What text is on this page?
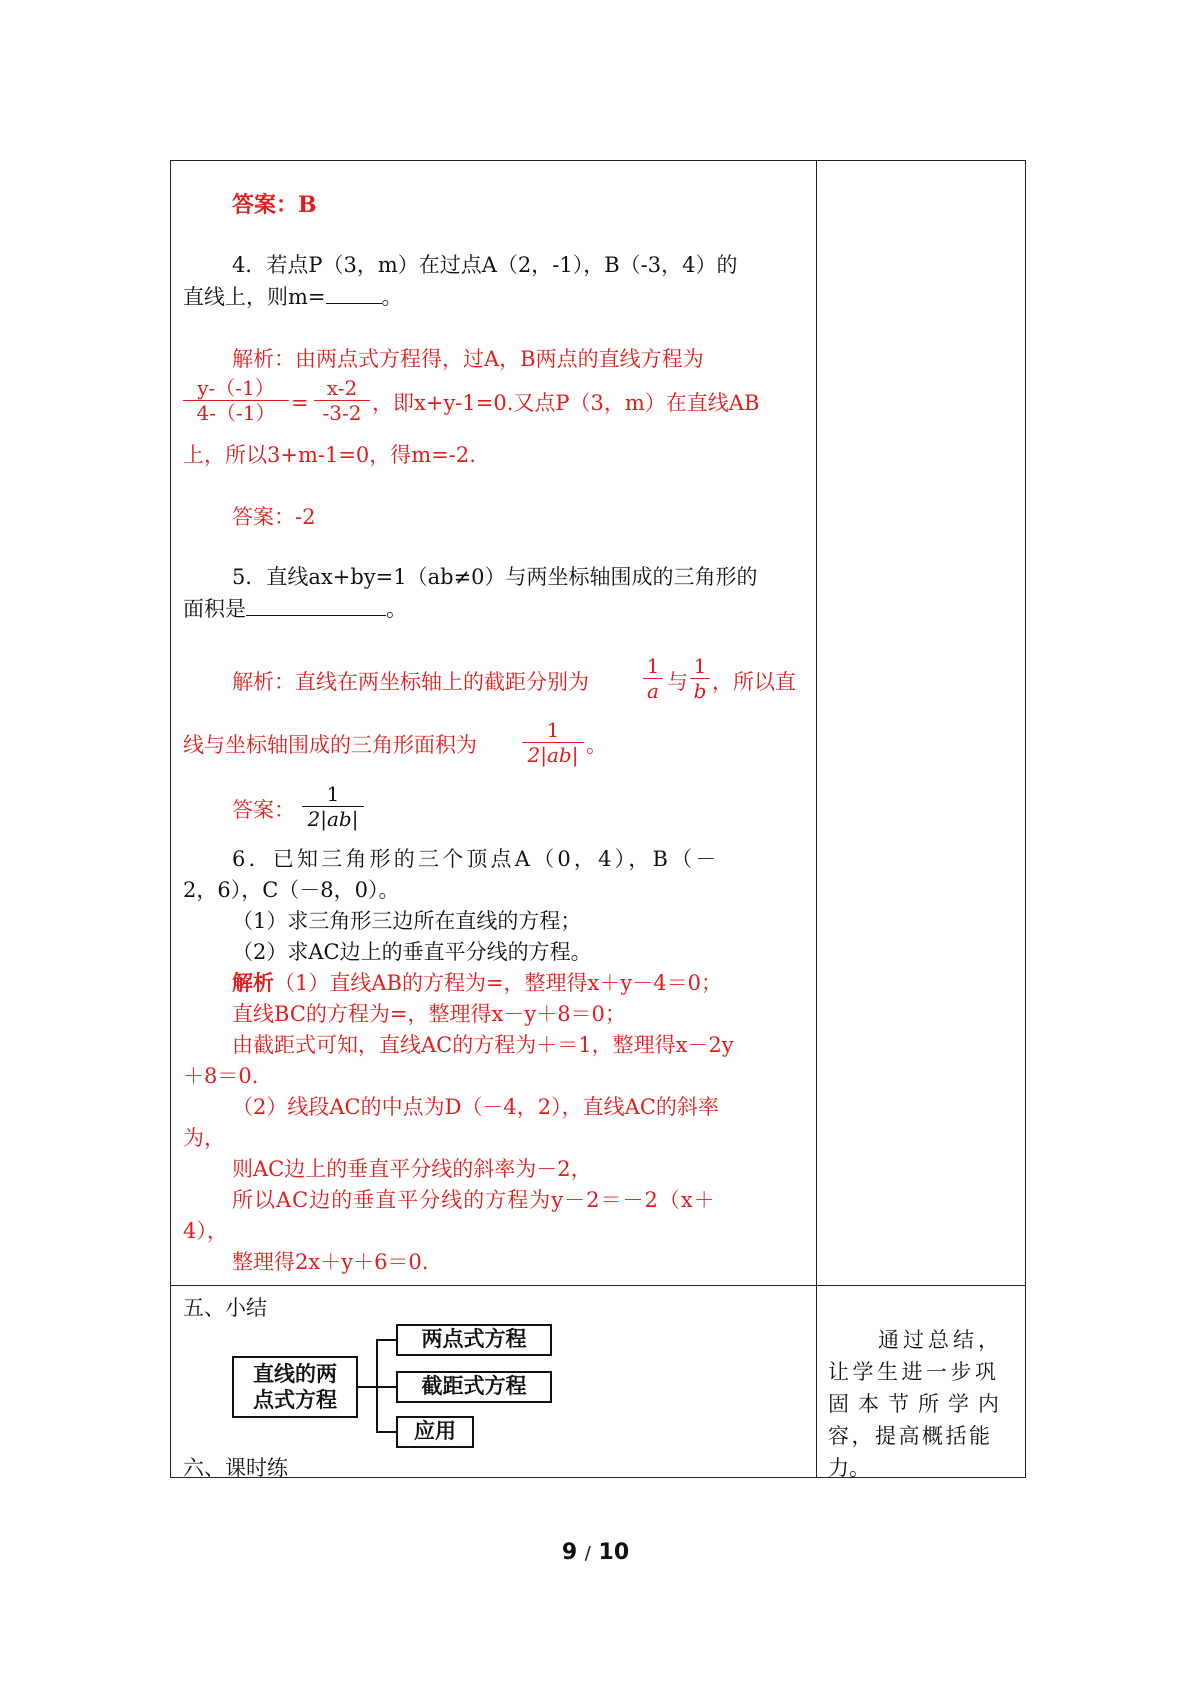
答案：B
4．若点P（3，m）在过点A（2，-1），B（-3，4）的
直线上，则m=	。
解析：由两点式方程得，过A，B两点的直线方程为
$\frac{y-(-1)}{4-(-1)} = \frac{x-2}{-3-2}$ ，即x+y-1=0.又点P（3，m）在直线AB
上，所以3+m-1=0，得m=-2.
答案：-2
5．直线ax+by=1（ab≠0）与两坐标轴围成的三角形的
面积是	。
解析：直线在两坐标轴上的截距分别为	$\frac{1}{a}$ 与 $\frac{1}{b}$ ，所以直
线与坐标轴围成的三角形面积为 $\frac{1}{2|ab|}$ 。
答案： $\frac{1}{2|ab|}$
6．已知三角形的三个顶点A（0，4），B（－
2，6），C（－8，0）。
（1）求三角形三边所在直线的方程；
（2）求AC边上的垂直平分线的方程。
解析（1）直线AB的方程为=，整理得x＋y－4＝0；
直线BC的方程为=，整理得x－y＋8＝0；
由截距式可知，直线AC的方程为＋＝1，整理得x－2y
＋8＝0.
（2）线段AC的中点为D（－4，2），直线AC的斜率
为，
则AC边上的垂直平分线的斜率为－2，
所以AC边的垂直平分线的方程为y－2＝－2（x＋
4），
整理得2x＋y＋6＝0.
五、小结
直线的两
点式方程
两点式方程
截距式方程
应用
六、课时练
通过总结，
让学生进一步巩
固本节所学内
容，提高概括能
力。
9 / 10
